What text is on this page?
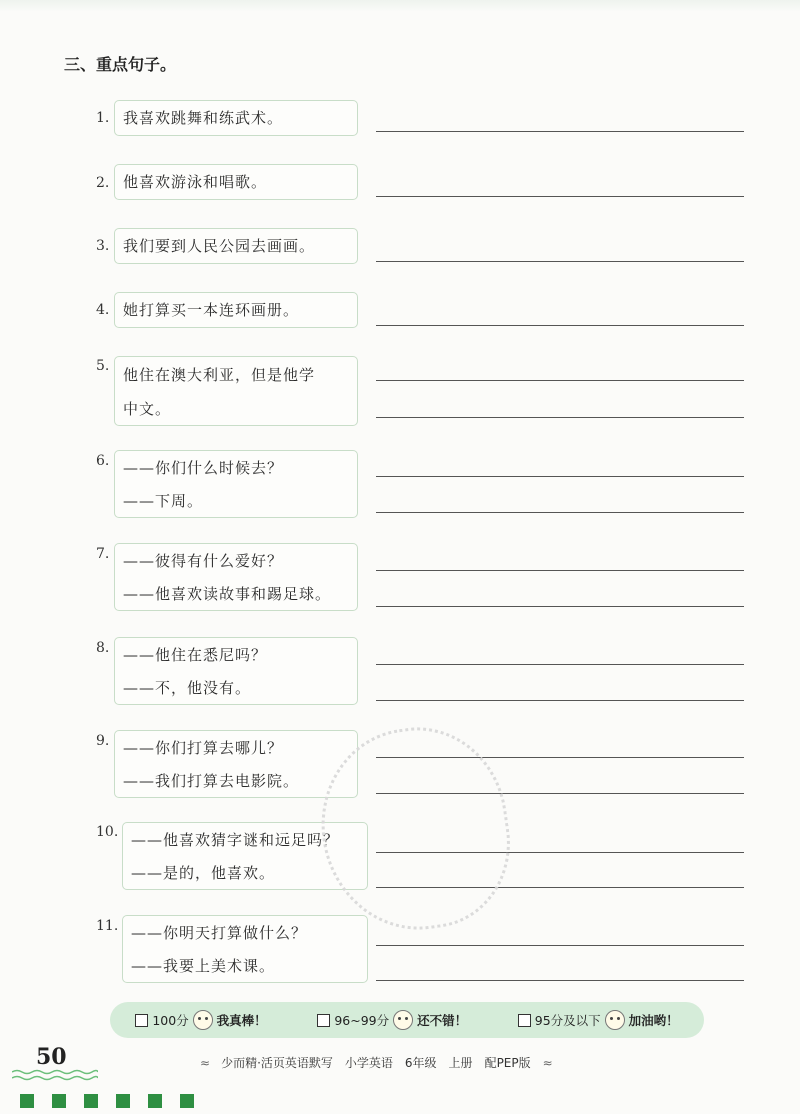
三、重点句子。
1. 我喜欢跳舞和练武术。
2. 他喜欢游泳和唱歌。
3. 我们要到人民公园去画画。
4. 她打算买一本连环画册。
5. 他住在澳大利亚，但是他学
中文。
6. ——你们什么时候去？
——下周。
7. ——彼得有什么爱好？
——他喜欢读故事和踢足球。
8. ——他住在悉尼吗？
——不，他没有。
9. ——你们打算去哪儿？
——我们打算去电影院。
10. ——他喜欢猜字谜和远足吗？
——是的，他喜欢。
11. ——你明天打算做什么？
——我要上美术课。
100分 我真棒！	96~99分 还不错！	95分及以下 加油哟！
50	≈ 少而精·活页英语默写 小学英语 6年级 上册 配PEP版 ≈
